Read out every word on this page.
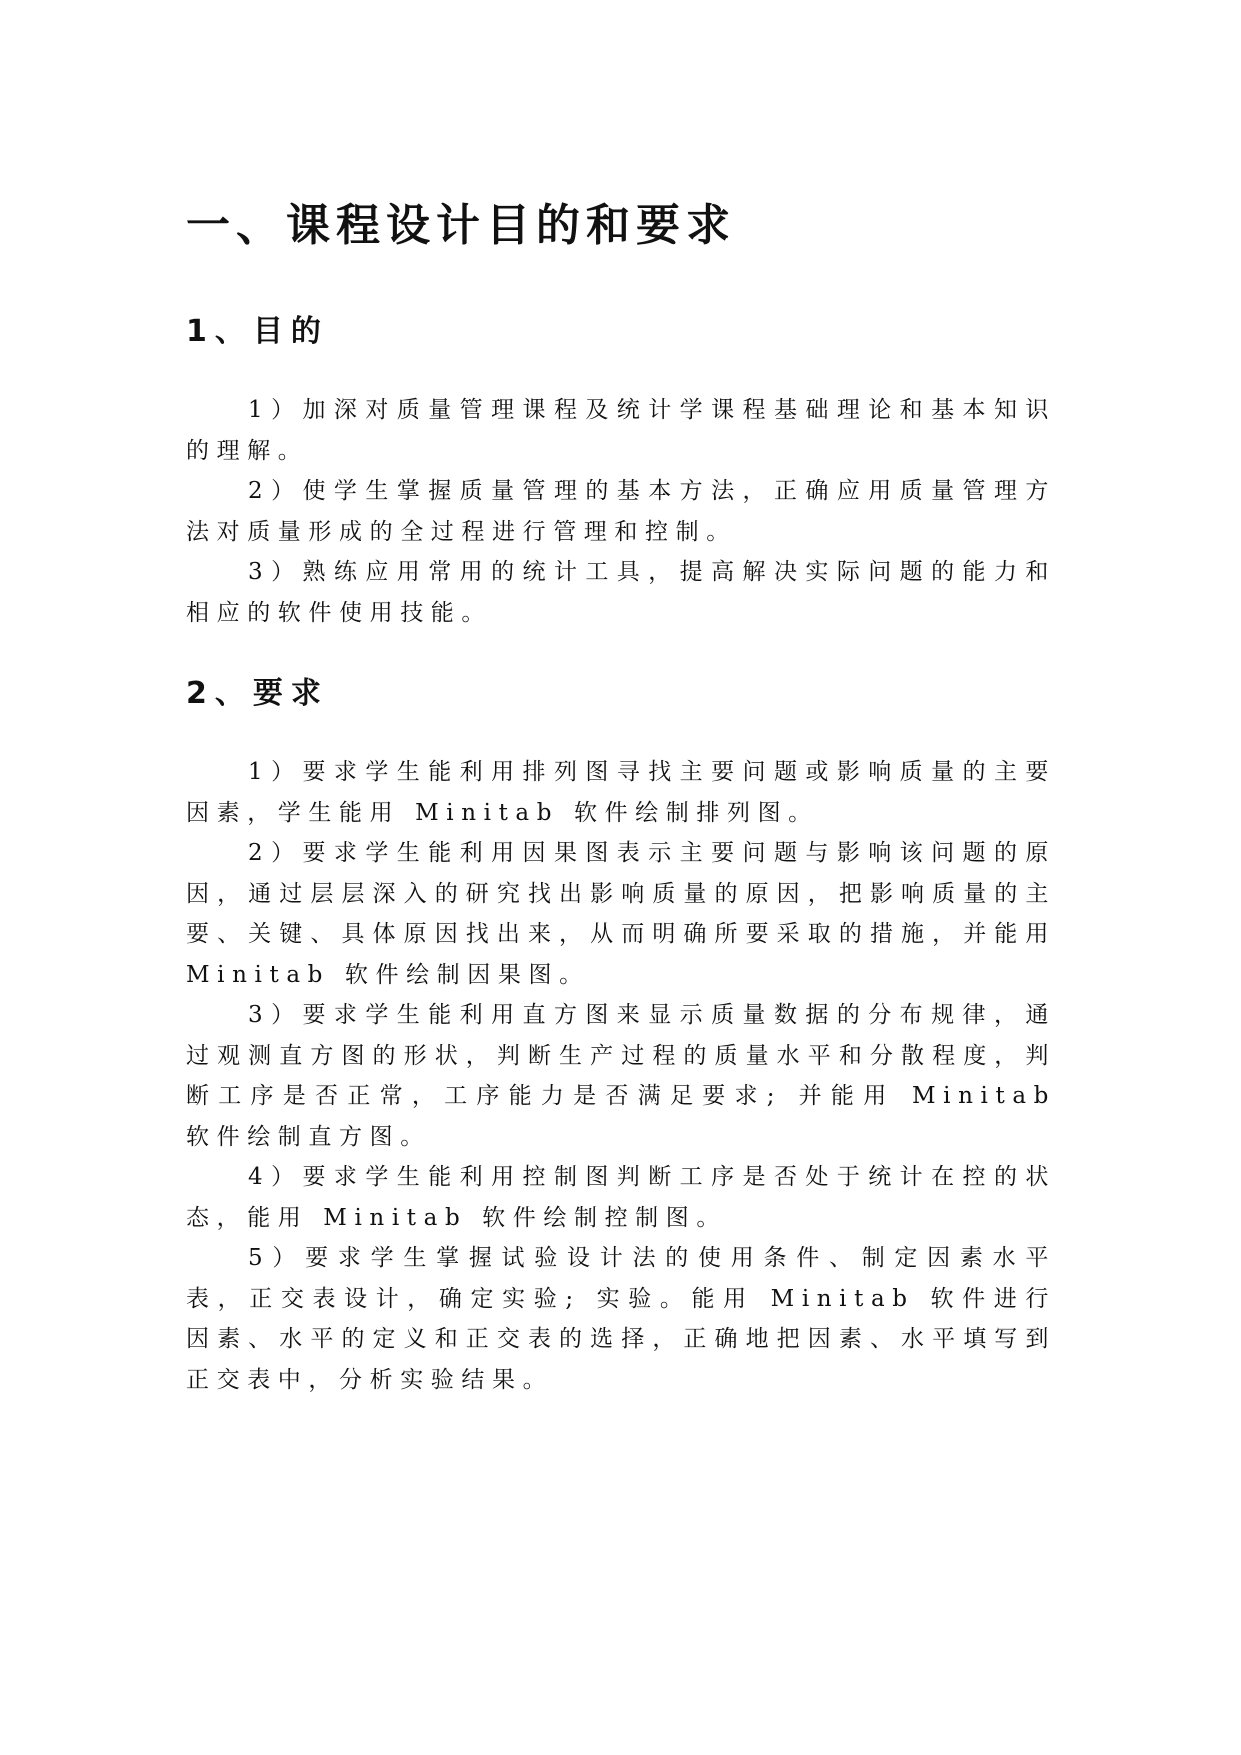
一、课程设计目的和要求
1、目的

1）加深对质量管理课程及统计学课程基础理论和基本知识的理解。

2）使学生掌握质量管理的基本方法，正确应用质量管理方法对质量形成的全过程进行管理和控制。

3）熟练应用常用的统计工具，提高解决实际问题的能力和相应的软件使用技能。

2、要求

1）要求学生能利用排列图寻找主要问题或影响质量的主要因素，学生能用 Minitab 软件绘制排列图。

2）要求学生能利用因果图表示主要问题与影响该问题的原因，通过层层深入的研究找出影响质量的原因，把影响质量的主要、关键、具体原因找出来，从而明确所要采取的措施，并能用 Minitab 软件绘制因果图。

3）要求学生能利用直方图来显示质量数据的分布规律，通过观测直方图的形状，判断生产过程的质量水平和分散程度，判断工序是否正常，工序能力是否满足要求; 并能用 Minitab 软件绘制直方图。

4）要求学生能利用控制图判断工序是否处于统计在控的状态，能用 Minitab 软件绘制控制图。

5）要求学生掌握试验设计法的使用条件、制定因素水平表，正交表设计，确定实验; 实验。能用 Minitab 软件进行因素、水平的定义和正交表的选择，正确地把因素、水平填写到正交表中，分析实验结果。
